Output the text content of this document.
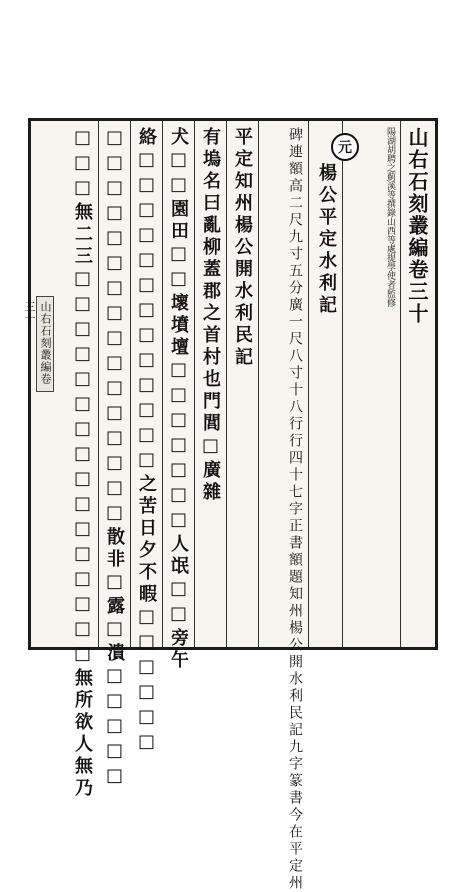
山右石刻叢編卷三十
陽湖胡聘之薊溪等撰錄山西等處提學使者監修
元
楊公平定水利記
碑連額高二尺九寸五分廣一尺八寸十八行行四十七字正書額題知州楊公開水利民記九字篆書今在平定州
平定知州楊公開水利民記
有塢名曰亂柳蓋郡之首村也門閭□廣雜
犬□□園田□□壞墳壇□□□□□□□人氓□□旁午
絡□□□□□□□□□□□□□之苦日夕不暇□□□□□□
□□□□□□□□□□□□□□□□散非□露□潰□□□□□
□□□無二三□□□□□□□□□□□□□□□□無所欲人無乃
山右石刻叢編卷三十
